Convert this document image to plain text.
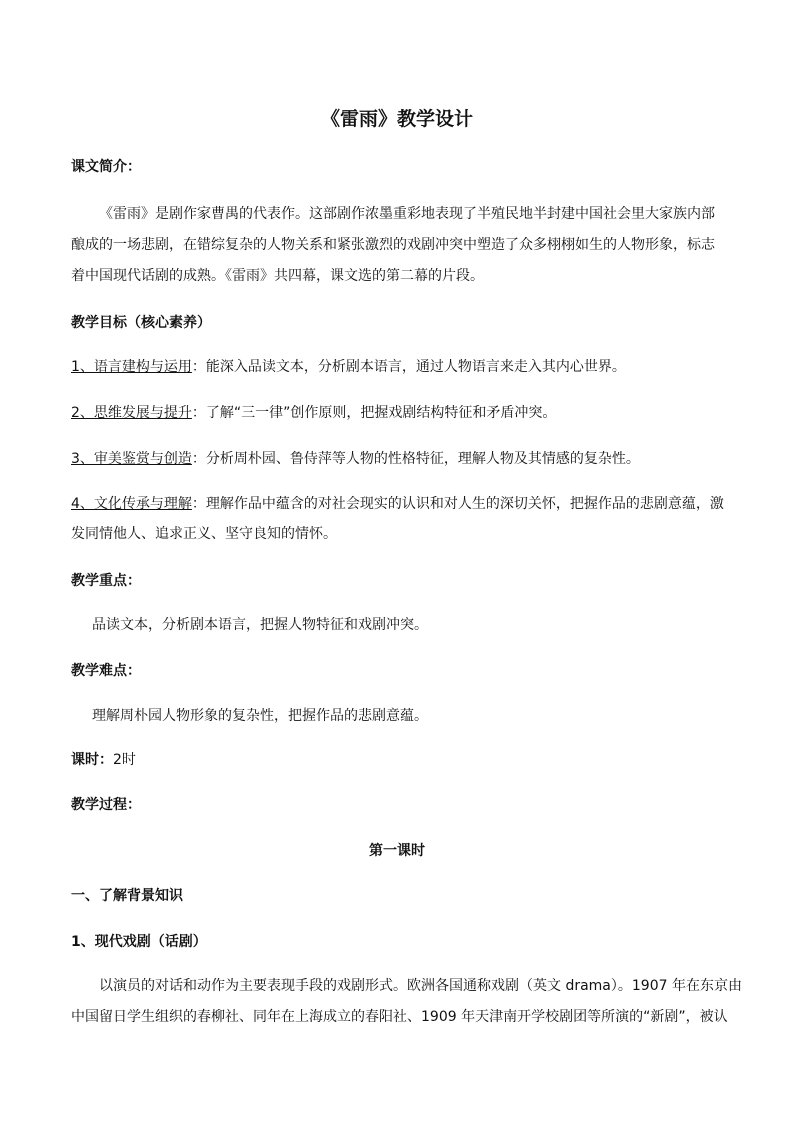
《雷雨》教学设计

课文简介：

《雷雨》是剧作家曹禺的代表作。这部剧作浓墨重彩地表现了半殖民地半封建中国社会里大家族内部

酿成的一场悲剧，在错综复杂的人物关系和紧张激烈的戏剧冲突中塑造了众多栩栩如生的人物形象，标志

着中国现代话剧的成熟。《雷雨》共四幕，课文选的第二幕的片段。

教学目标（核心素养）

1、语言建构与运用：能深入品读文本，分析剧本语言，通过人物语言来走入其内心世界。

2、思维发展与提升：了解“三一律”创作原则，把握戏剧结构特征和矛盾冲突。

3、审美鉴赏与创造：分析周朴园、鲁侍萍等人物的性格特征，理解人物及其情感的复杂性。

4、文化传承与理解：理解作品中蕴含的对社会现实的认识和对人生的深切关怀，把握作品的悲剧意蕴，激

发同情他人、追求正义、坚守良知的情怀。

教学重点：

品读文本，分析剧本语言，把握人物特征和戏剧冲突。

教学难点：

理解周朴园人物形象的复杂性，把握作品的悲剧意蕴。

课时：2时

教学过程：

第一课时

一、了解背景知识

1、现代戏剧（话剧）

以演员的对话和动作为主要表现手段的戏剧形式。欧洲各国通称戏剧（英文 drama）。1907 年在东京由

中国留日学生组织的春柳社、同年在上海成立的春阳社、1909 年天津南开学校剧团等所演的“新剧”，被认
